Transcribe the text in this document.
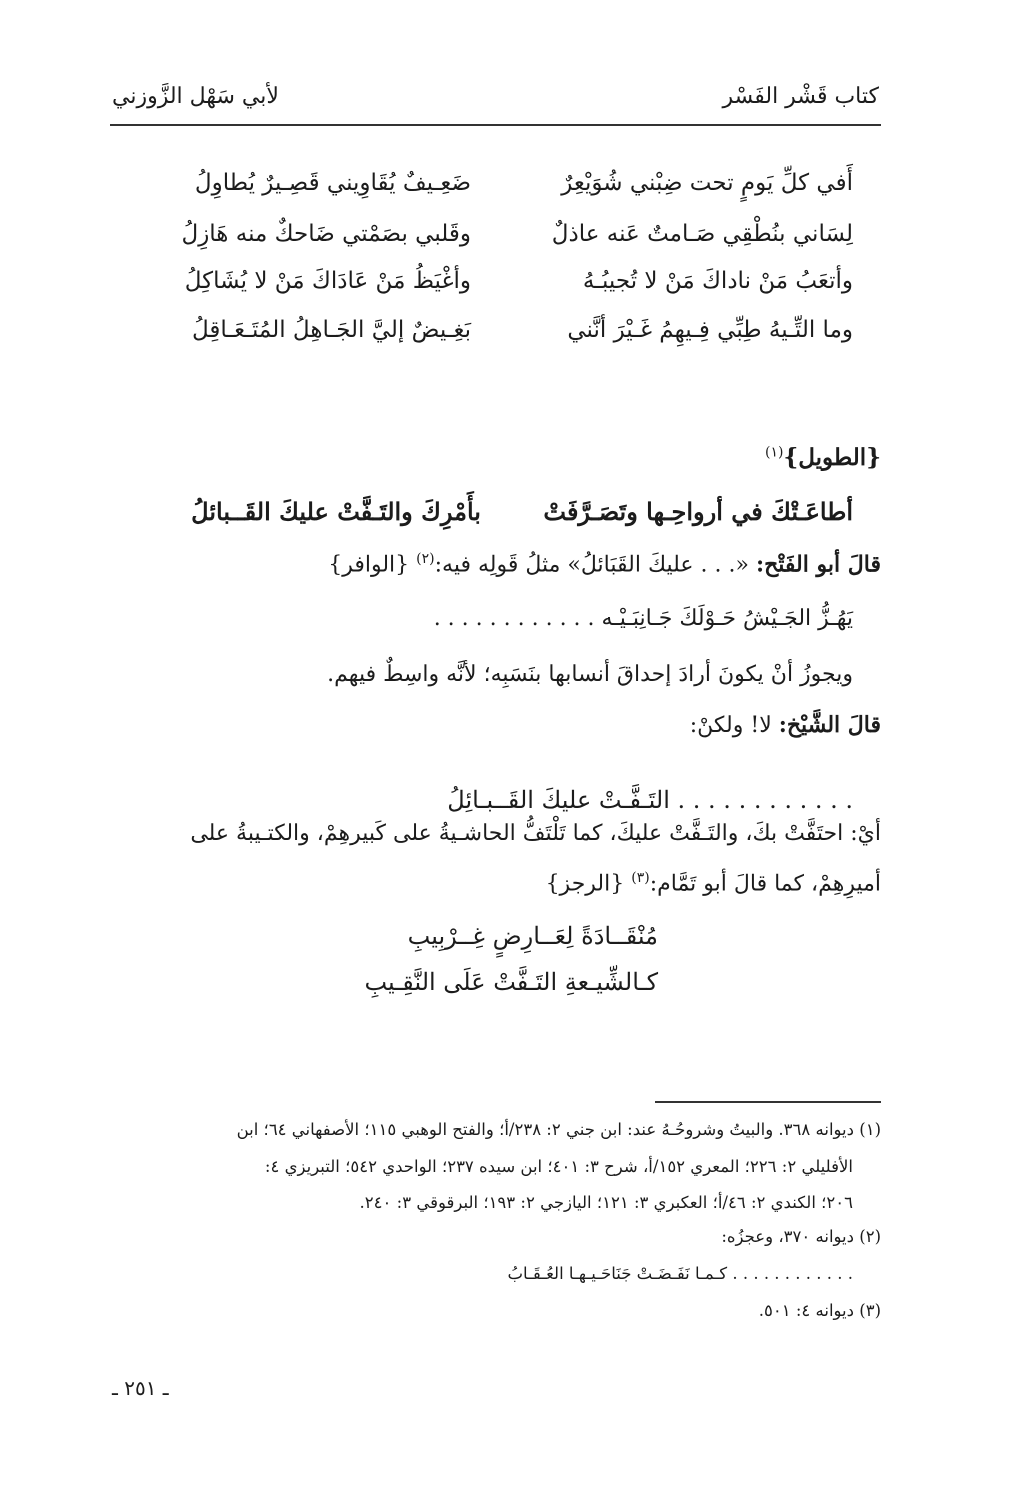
كتاب قَشْر الفَسْر
لأبي سَهْل الزَّوزني
أَفي كلِّ يَومٍ تحت ضِبْني شُوَيْعِرٌ
ضَعِـيفٌ يُقَاوِيني قَصِـيرٌ يُطاوِلُ
لِسَاني بنُطْقِي صَـامتٌ عَنه عاذلٌ
وقَلبي بصَمْتي ضَاحكٌ منه هَازِلُ
وأتعَبُ مَنْ ناداكَ مَنْ لا تُجيبُـهُ
وأغْيَظُ مَنْ عَادَاكَ مَنْ لا يُشَاكِلُ
وما التِّـيهُ طِبِّي فِـيهِمُ غَـيْرَ أنَّني
بَغِـيضٌ إليَّ الجَـاهِلُ المُتَـعَـاقِلُ
{الطويل}$^{(١)}$
أطاعَـتْكَ في أرواحِـها وتَصَـرَّفَتْ
بأَمْرِكَ والتَـفَّتْ عليكَ القَــبائلُ
قالَ أبو الفَتْح: «. . . عليكَ القَبَائلُ» مثلُ قَولِه فيه:$^{(٢)}$ {الوافر}
يَهُـزُّ الجَـيْشُ حَـوْلَكَ جَـانِبَـيْـه . . . . . . . . . . . .
ويجوزُ أنْ يكونَ أرادَ إحداقَ أنسابها بنَسَبِه؛ لأنَّه واسِطٌ فيهم.
قالَ الشَّيْخ: لا! ولكنْ:
. . . . . . . . . . . . التَـفَّـتْ عليكَ القَــبـائِلُ
أيْ: احتَفَّتْ بكَ، والتَـفَّتْ عليكَ، كما تَلْتَفُّ الحاشـيةُ على كَبيرهِمْ، والكتـيبةُ على
أميرِهِمْ، كما قالَ أبو تَمَّام:$^{(٣)}$ {الرجز}
مُنْقَــادَةً لِعَــارِضٍ غِــرْبِيبِ
كـالشِّيـعةِ التَـفَّتْ عَلَى النَّقِـيبِ
(١) ديوانه ٣٦٨. والبيتُ وشروحُـهُ عند: ابن جني ٢: ٢٣٨/أ؛ والفتح الوهبي ١١٥؛ الأصفهاني ٦٤؛ ابن
الأفليلي ٢: ٢٢٦؛ المعري ١٥٢/أ، شرح ٣: ٤٠١؛ ابن سيده ٢٣٧؛ الواحدي ٥٤٢؛ التبريزي ٤:
٢٠٦؛ الكندي ٢: ٤٦/أ؛ العكبري ٣: ١٢١؛ اليازجي ٢: ١٩٣؛ البرقوقي ٣: ٢٤٠.
(٢) ديوانه ٣٧٠، وعجزُه:
. . . . . . . . . . . . كـمـا نَفَـضَـتْ جَنَاحَـيـهـا العُـقَـابُ
(٣) ديوانه ٤: ٥٠١.
ـ ٢٥١ ـ
